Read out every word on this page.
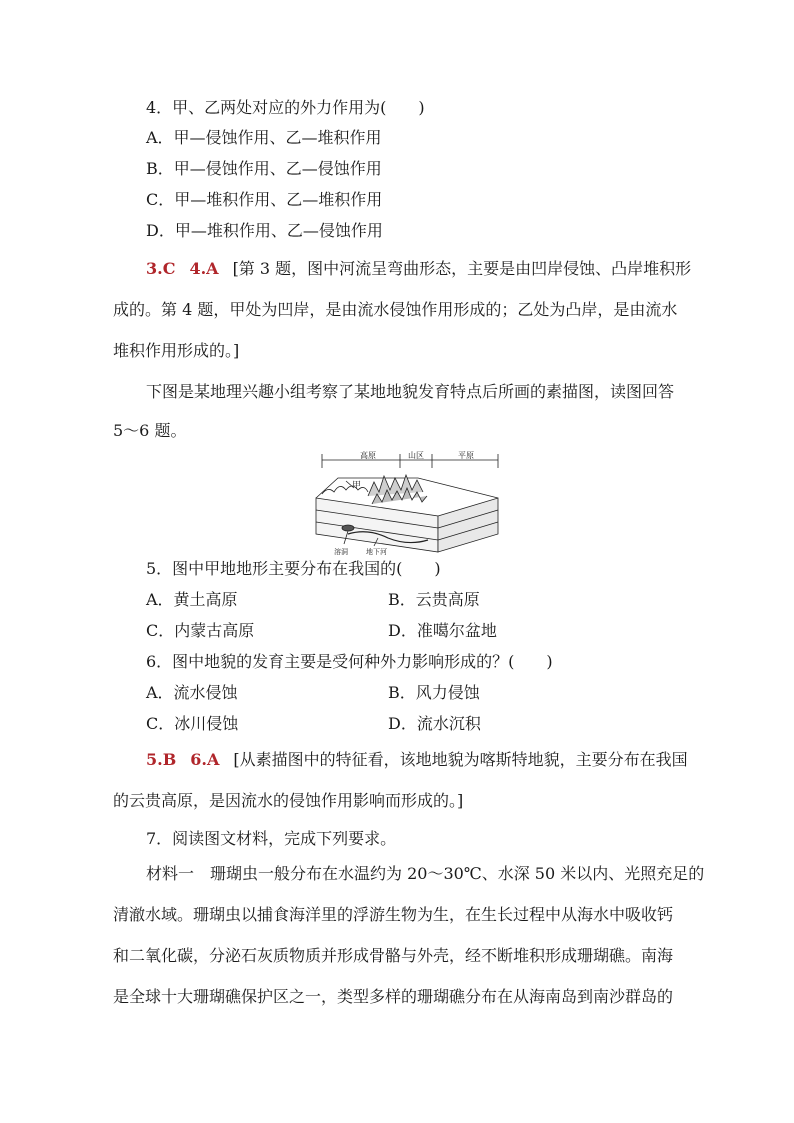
4．甲、乙两处对应的外力作用为(　　)
A．甲—侵蚀作用、乙—堆积作用
B．甲—侵蚀作用、乙—侵蚀作用
C．甲—堆积作用、乙—堆积作用
D．甲—堆积作用、乙—侵蚀作用
3.C 4.A [第 3 题，图中河流呈弯曲形态，主要是由凹岸侵蚀、凸岸堆积形
成的。第 4 题，甲处为凹岸，是由流水侵蚀作用形成的；乙处为凸岸，是由流水
堆积作用形成的。]
下图是某地理兴趣小组考察了某地地貌发育特点后所画的素描图，读图回答
5～6 题。
高原	山区	平原
甲
溶洞	地下河
5．图中甲地地形主要分布在我国的(　　)
A．黄土高原	B．云贵高原
C．内蒙古高原	D．准噶尔盆地
6．图中地貌的发育主要是受何种外力影响形成的？(　　)
A．流水侵蚀	B．风力侵蚀
C．冰川侵蚀	D．流水沉积
5.B 6.A [从素描图中的特征看，该地地貌为喀斯特地貌，主要分布在我国
的云贵高原，是因流水的侵蚀作用影响而形成的。]
7．阅读图文材料，完成下列要求。
材料一　珊瑚虫一般分布在水温约为 20～30℃、水深 50 米以内、光照充足的
清澈水域。珊瑚虫以捕食海洋里的浮游生物为生，在生长过程中从海水中吸收钙
和二氧化碳，分泌石灰质物质并形成骨骼与外壳，经不断堆积形成珊瑚礁。南海
是全球十大珊瑚礁保护区之一，类型多样的珊瑚礁分布在从海南岛到南沙群岛的
